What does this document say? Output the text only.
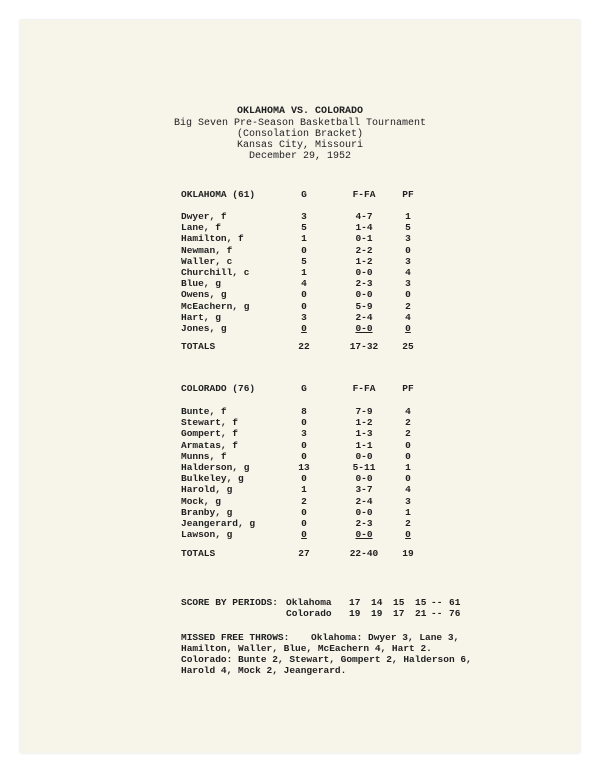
OKLAHOMA VS. COLORADO
Big Seven Pre-Season Basketball Tournament
(Consolation Bracket)
Kansas City, Missouri
December 29, 1952
OKLAHOMA (61)	G	F-FA	PF
Dwyer, f	3	4-7	1
Lane, f	5	1-4	5
Hamilton, f	1	0-1	3
Newman, f	0	2-2	0
Waller, c	5	1-2	3
Churchill, c	1	0-0	4
Blue, g	4	2-3	3
Owens, g	0	0-0	0
McEachern, g	0	5-9	2
Hart, g	3	2-4	4
Jones, g	0	0-0	0
TOTALS	22	17-32	25
COLORADO (76)	G	F-FA	PF
Bunte, f	8	7-9	4
Stewart, f	0	1-2	2
Gompert, f	3	1-3	2
Armatas, f	0	1-1	0
Munns, f	0	0-0	0
Halderson, g	13	5-11	1
Bulkeley, g	0	0-0	0
Harold, g	1	3-7	4
Mock, g	2	2-4	3
Branby, g	0	0-0	1
Jeangerard, g	0	2-3	2
Lawson, g	0	0-0	0
TOTALS	27	22-40	19
SCORE BY PERIODS: Oklahoma 17 14 15 15 -- 61
Colorado 19 19 17 21 -- 76
MISSED FREE THROWS: Oklahoma: Dwyer 3, Lane 3,
Hamilton, Waller, Blue, McEachern 4, Hart 2.
Colorado: Bunte 2, Stewart, Gompert 2, Halderson 6,
Harold 4, Mock 2, Jeangerard.
